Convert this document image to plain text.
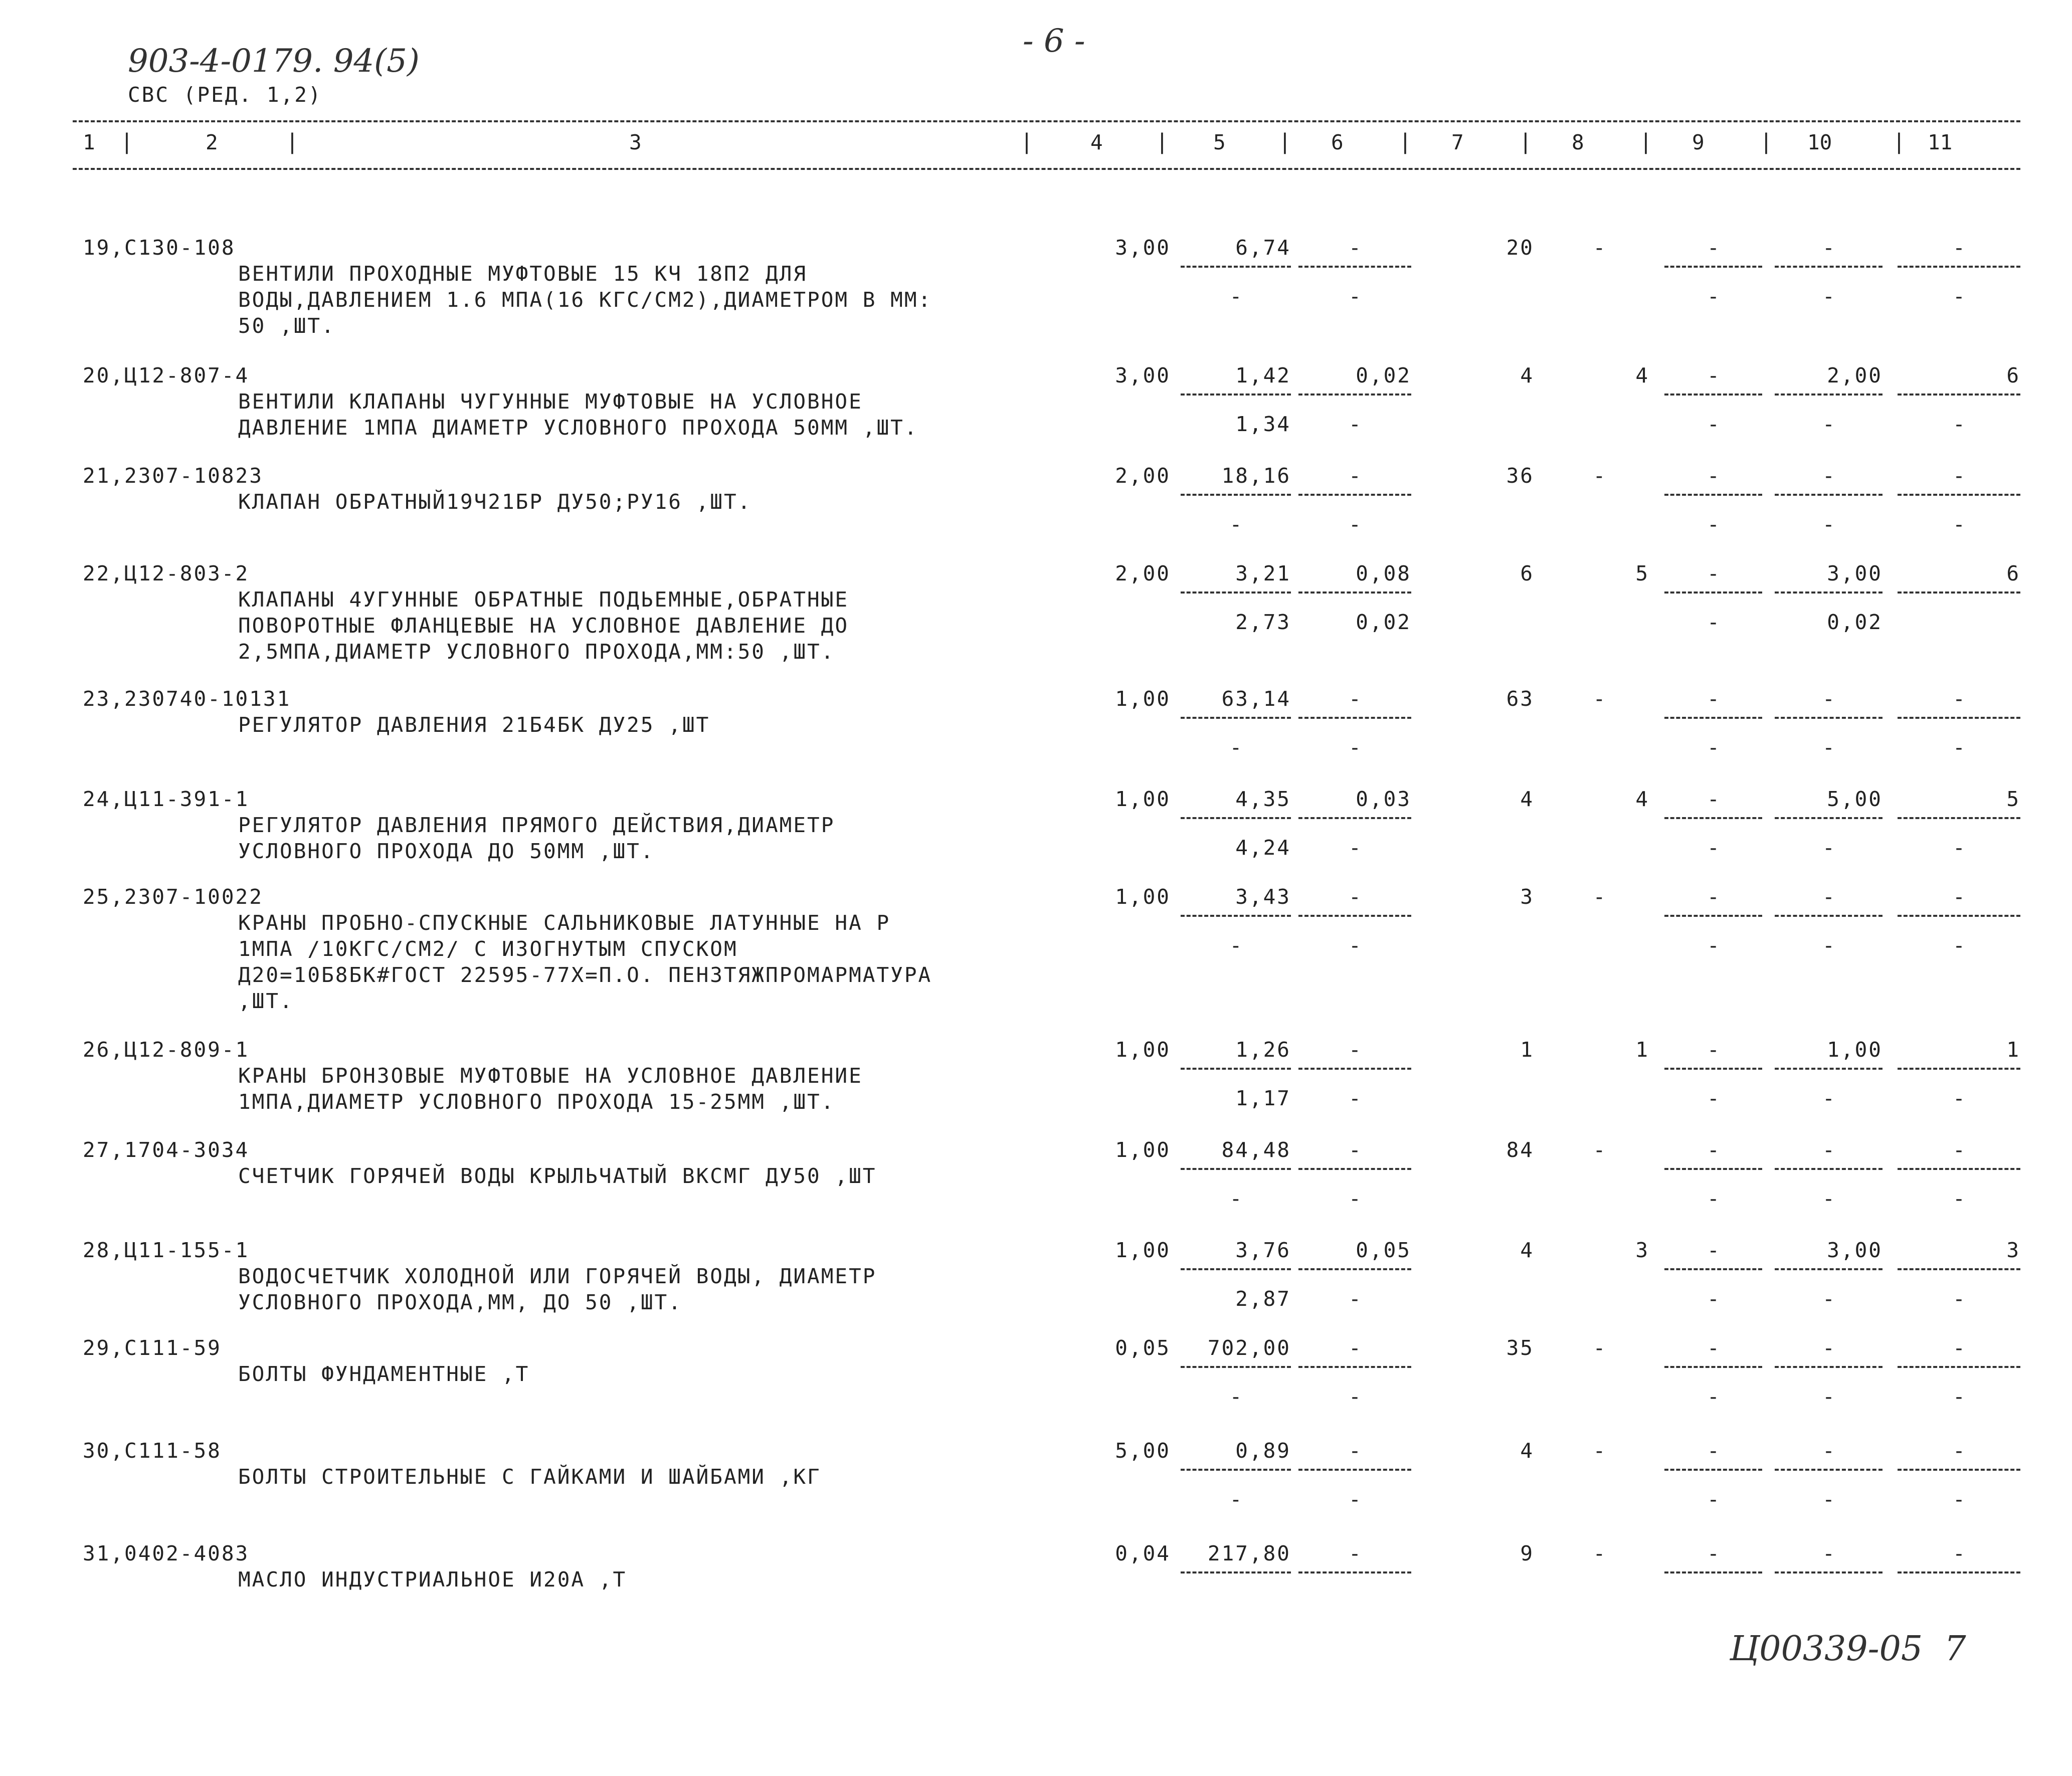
903-4-0179. 94(5)
СВС (РЕД. 1,2)
- 6 -
1	2	3	4	5	6	7	8	9	10	11
|	|	|	|	|	|	|	|	|	|
19,С130-108
ВЕНТИЛИ ПРОХОДНЫЕ МУФТОВЫЕ 15 КЧ 18П2 ДЛЯ
ВОДЫ,ДАВЛЕНИЕМ 1.6 МПА(16 КГС/СМ2),ДИАМЕТРОМ В ММ:
50 ,ШТ.
3,00	6,74	-	20	-	-	-	-
-	-	-	-	-
20,Ц12-807-4
ВЕНТИЛИ КЛАПАНЫ ЧУГУННЫЕ МУФТОВЫЕ НА УСЛОВНОЕ
ДАВЛЕНИЕ 1МПА ДИАМЕТР УСЛОВНОГО ПРОХОДА 50ММ ,ШТ.
3,00	1,42	0,02	4	4	-	2,00	6
1,34	-	-	-	-
21,2307-10823
КЛАПАН ОБРАТНЫЙ19Ч21БР ДУ50;РУ16 ,ШТ.
2,00	18,16	-	36	-	-	-	-
-	-	-	-	-
22,Ц12-803-2
КЛАПАНЫ 4УГУННЫЕ ОБРАТНЫЕ ПОДЬЕМНЫЕ,ОБРАТНЫЕ
ПОВОРОТНЫЕ ФЛАНЦЕВЫЕ НА УСЛОВНОЕ ДАВЛЕНИЕ ДО
2,5МПА,ДИАМЕТР УСЛОВНОГО ПРОХОДА,ММ:50 ,ШТ.
2,00	3,21	0,08	6	5	-	3,00	6
2,73	0,02	-	0,02
23,230740-10131
РЕГУЛЯТОР ДАВЛЕНИЯ 21Б4БК ДУ25 ,ШТ
1,00	63,14	-	63	-	-	-	-
-	-	-	-	-
24,Ц11-391-1
РЕГУЛЯТОР ДАВЛЕНИЯ ПРЯМОГО ДЕЙСТВИЯ,ДИАМЕТР
УСЛОВНОГО ПРОХОДА ДО 50ММ ,ШТ.
1,00	4,35	0,03	4	4	-	5,00	5
4,24	-	-	-	-
25,2307-10022
КРАНЫ ПРОБНО-СПУСКНЫЕ САЛЬНИКОВЫЕ ЛАТУННЫЕ НА Р
1МПА /10КГС/СМ2/ С ИЗОГНУТЫМ СПУСКОМ
Д20=10Б8БК#ГОСТ 22595-77Х=П.О. ПЕНЗТЯЖПРОМАРМАТУРА
,ШТ.
1,00	3,43	-	3	-	-	-	-
-	-	-	-	-
26,Ц12-809-1
КРАНЫ БРОНЗОВЫЕ МУФТОВЫЕ НА УСЛОВНОЕ ДАВЛЕНИЕ
1МПА,ДИАМЕТР УСЛОВНОГО ПРОХОДА 15-25ММ ,ШТ.
1,00	1,26	-	1	1	-	1,00	1
1,17	-	-	-	-
27,1704-3034
СЧЕТЧИК ГОРЯЧЕЙ ВОДЫ КРЫЛЬЧАТЫЙ ВКСМГ ДУ50 ,ШТ
1,00	84,48	-	84	-	-	-	-
-	-	-	-	-
28,Ц11-155-1
ВОДОСЧЕТЧИК ХОЛОДНОЙ ИЛИ ГОРЯЧЕЙ ВОДЫ, ДИАМЕТР
УСЛОВНОГО ПРОХОДА,ММ, ДО 50 ,ШТ.
1,00	3,76	0,05	4	3	-	3,00	3
2,87	-	-	-	-
29,С111-59
БОЛТЫ ФУНДАМЕНТНЫЕ ,Т
0,05	702,00	-	35	-	-	-	-
-	-	-	-	-
30,С111-58
БОЛТЫ СТРОИТЕЛЬНЫЕ С ГАЙКАМИ И ШАЙБАМИ ,КГ
5,00	0,89	-	4	-	-	-	-
-	-	-	-	-
31,0402-4083
МАСЛО ИНДУСТРИАЛЬНОЕ И20А ,Т
0,04	217,80	-	9	-	-	-	-
Ц00339-05  7
